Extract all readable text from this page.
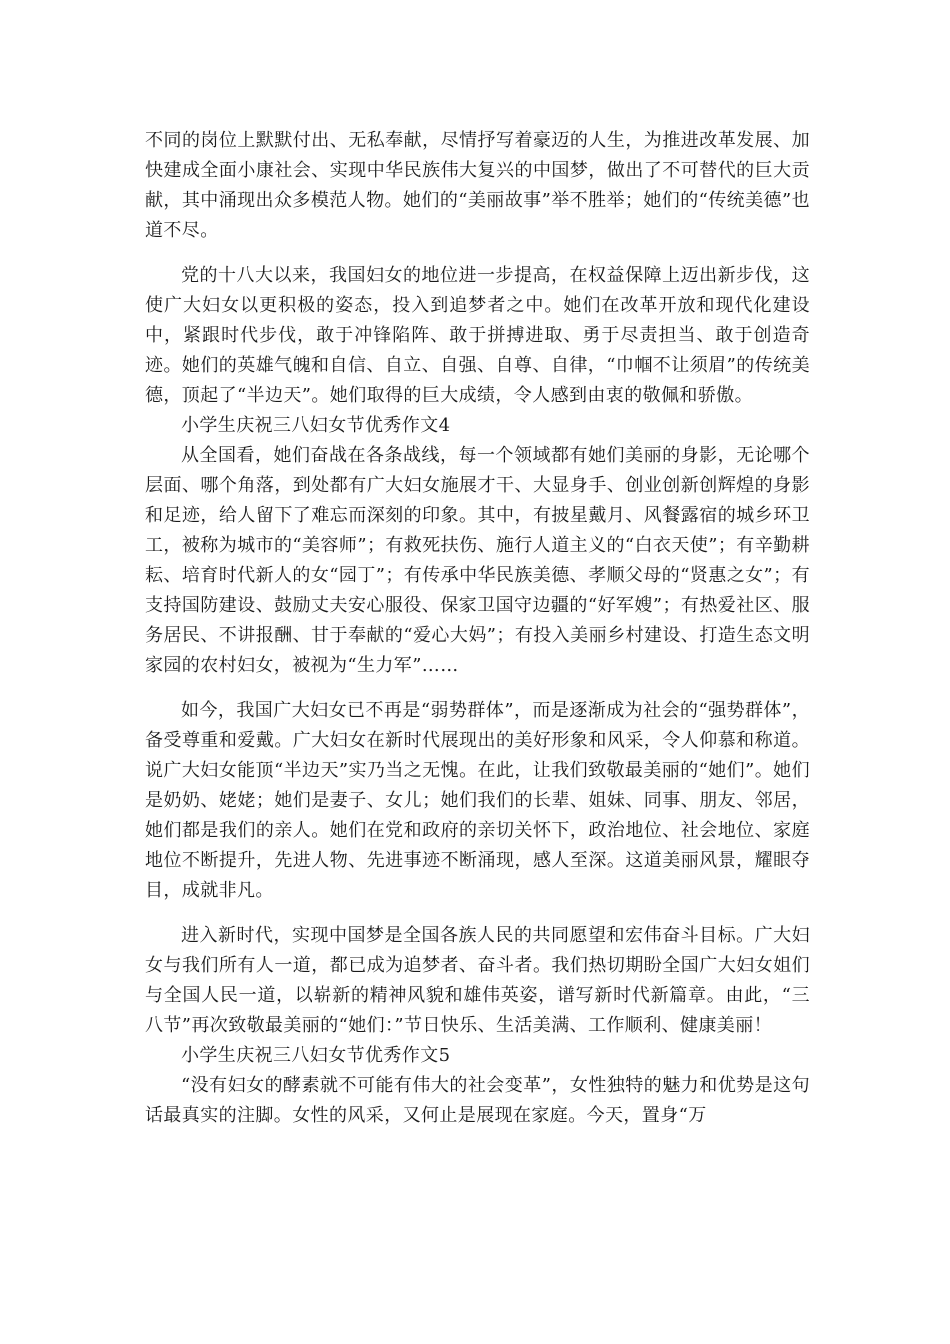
不同的岗位上默默付出、无私奉献，尽情抒写着豪迈的人生，为推进改革发展、加快建成全面小康社会、实现中华民族伟大复兴的中国梦，做出了不可替代的巨大贡献，其中涌现出众多模范人物。她们的“美丽故事”举不胜举；她们的“传统美德”也道不尽。

党的十八大以来，我国妇女的地位进一步提高，在权益保障上迈出新步伐，这使广大妇女以更积极的姿态，投入到追梦者之中。她们在改革开放和现代化建设中，紧跟时代步伐，敢于冲锋陷阵、敢于拼搏进取、勇于尽责担当、敢于创造奇迹。她们的英雄气魄和自信、自立、自强、自尊、自律，“巾帼不让须眉”的传统美德，顶起了“半边天”。她们取得的巨大成绩，令人感到由衷的敬佩和骄傲。

小学生庆祝三八妇女节优秀作文4

从全国看，她们奋战在各条战线，每一个领域都有她们美丽的身影，无论哪个层面、哪个角落，到处都有广大妇女施展才干、大显身手、创业创新创辉煌的身影和足迹，给人留下了难忘而深刻的印象。其中，有披星戴月、风餐露宿的城乡环卫工，被称为城市的“美容师”；有救死扶伤、施行人道主义的“白衣天使”；有辛勤耕耘、培育时代新人的女“园丁”；有传承中华民族美德、孝顺父母的“贤惠之女”；有支持国防建设、鼓励丈夫安心服役、保家卫国守边疆的“好军嫂”；有热爱社区、服务居民、不讲报酬、甘于奉献的“爱心大妈”；有投入美丽乡村建设、打造生态文明家园的农村妇女，被视为“生力军”……

如今，我国广大妇女已不再是“弱势群体”，而是逐渐成为社会的“强势群体”，备受尊重和爱戴。广大妇女在新时代展现出的美好形象和风采，令人仰慕和称道。说广大妇女能顶“半边天”实乃当之无愧。在此，让我们致敬最美丽的“她们”。她们是奶奶、姥姥；她们是妻子、女儿；她们我们的长辈、姐妹、同事、朋友、邻居，她们都是我们的亲人。她们在党和政府的亲切关怀下，政治地位、社会地位、家庭地位不断提升，先进人物、先进事迹不断涌现，感人至深。这道美丽风景，耀眼夺目，成就非凡。

进入新时代，实现中国梦是全国各族人民的共同愿望和宏伟奋斗目标。广大妇女与我们所有人一道，都已成为追梦者、奋斗者。我们热切期盼全国广大妇女姐们与全国人民一道，以崭新的精神风貌和雄伟英姿，谱写新时代新篇章。由此，“三八节”再次致敬最美丽的“她们：”节日快乐、生活美满、工作顺利、健康美丽！

小学生庆祝三八妇女节优秀作文5

“没有妇女的酵素就不可能有伟大的社会变革”，女性独特的魅力和优势是这句话最真实的注脚。女性的风采，又何止是展现在家庭。今天，置身“万
